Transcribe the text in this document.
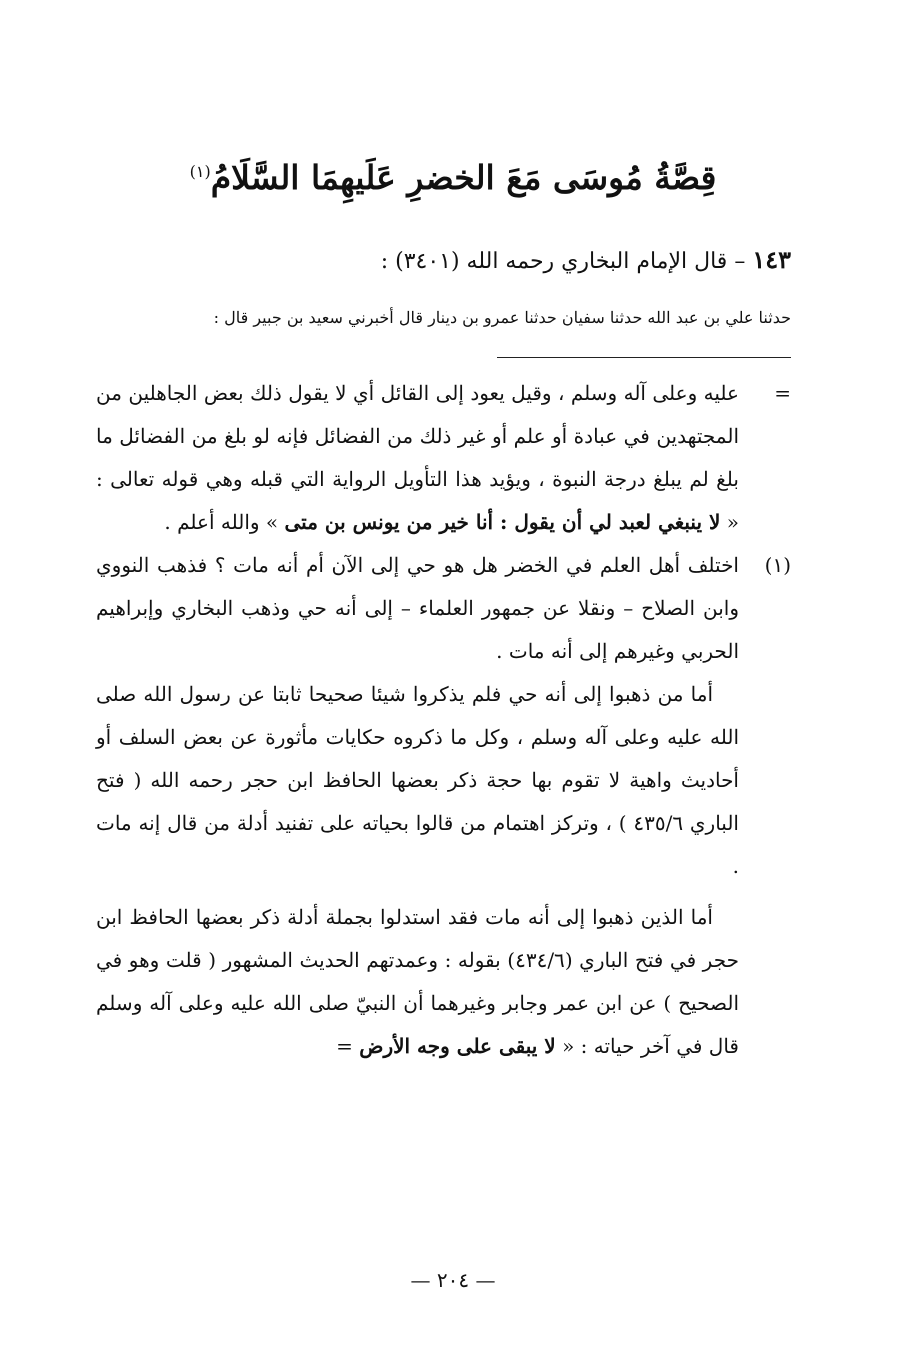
قِصَّةُ مُوسَى مَعَ الخضرِ عَلَيهِمَا السَّلَامُ$^{(١)}$
١٤٣ – قال الإمام البخاري رحمه الله (٣٤٠١) :
حدثنا علي بن عبد الله حدثنا سفيان حدثنا عمرو بن دينار قال أخبرني سعيد بن جبير قال :
=

عليه وعلى آله وسلم ، وقيل يعود إلى القائل أي لا يقول ذلك بعض الجاهلين من المجتهدين في عبادة أو علم أو غير ذلك من الفضائل فإنه لو بلغ من الفضائل ما بلغ لم يبلغ درجة النبوة ، ويؤيد هذا التأويل الرواية التي قبله وهي قوله تعالى : « لا ينبغي لعبد لي أن يقول : أنا خير من يونس بن متى » والله أعلم .

(١)

اختلف أهل العلم في الخضر هل هو حي إلى الآن أم أنه مات ؟ فذهب النووي وابن الصلاح – ونقلا عن جمهور العلماء – إلى أنه حي وذهب البخاري وإبراهيم الحربي وغيرهم إلى أنه مات .

أما من ذهبوا إلى أنه حي فلم يذكروا شيئا صحيحا ثابتا عن رسول الله صلى الله عليه وعلى آله وسلم ، وكل ما ذكروه حكايات مأثورة عن بعض السلف أو أحاديث واهية لا تقوم بها حجة ذكر بعضها الحافظ ابن حجر رحمه الله ( فتح الباري ٤٣٥/٦ ) ، وتركز اهتمام من قالوا بحياته على تفنيد أدلة من قال إنه مات .

أما الذين ذهبوا إلى أنه مات فقد استدلوا بجملة أدلة ذكر بعضها الحافظ ابن حجر في فتح الباري (٤٣٤/٦) بقوله : وعمدتهم الحديث المشهور ( قلت وهو في الصحيح ) عن ابن عمر وجابر وغيرهما أن النبيّ صلى الله عليه وعلى آله وسلم قال في آخر حياته : « لا يبقى على وجه الأرض =

— ٢٠٤ —
